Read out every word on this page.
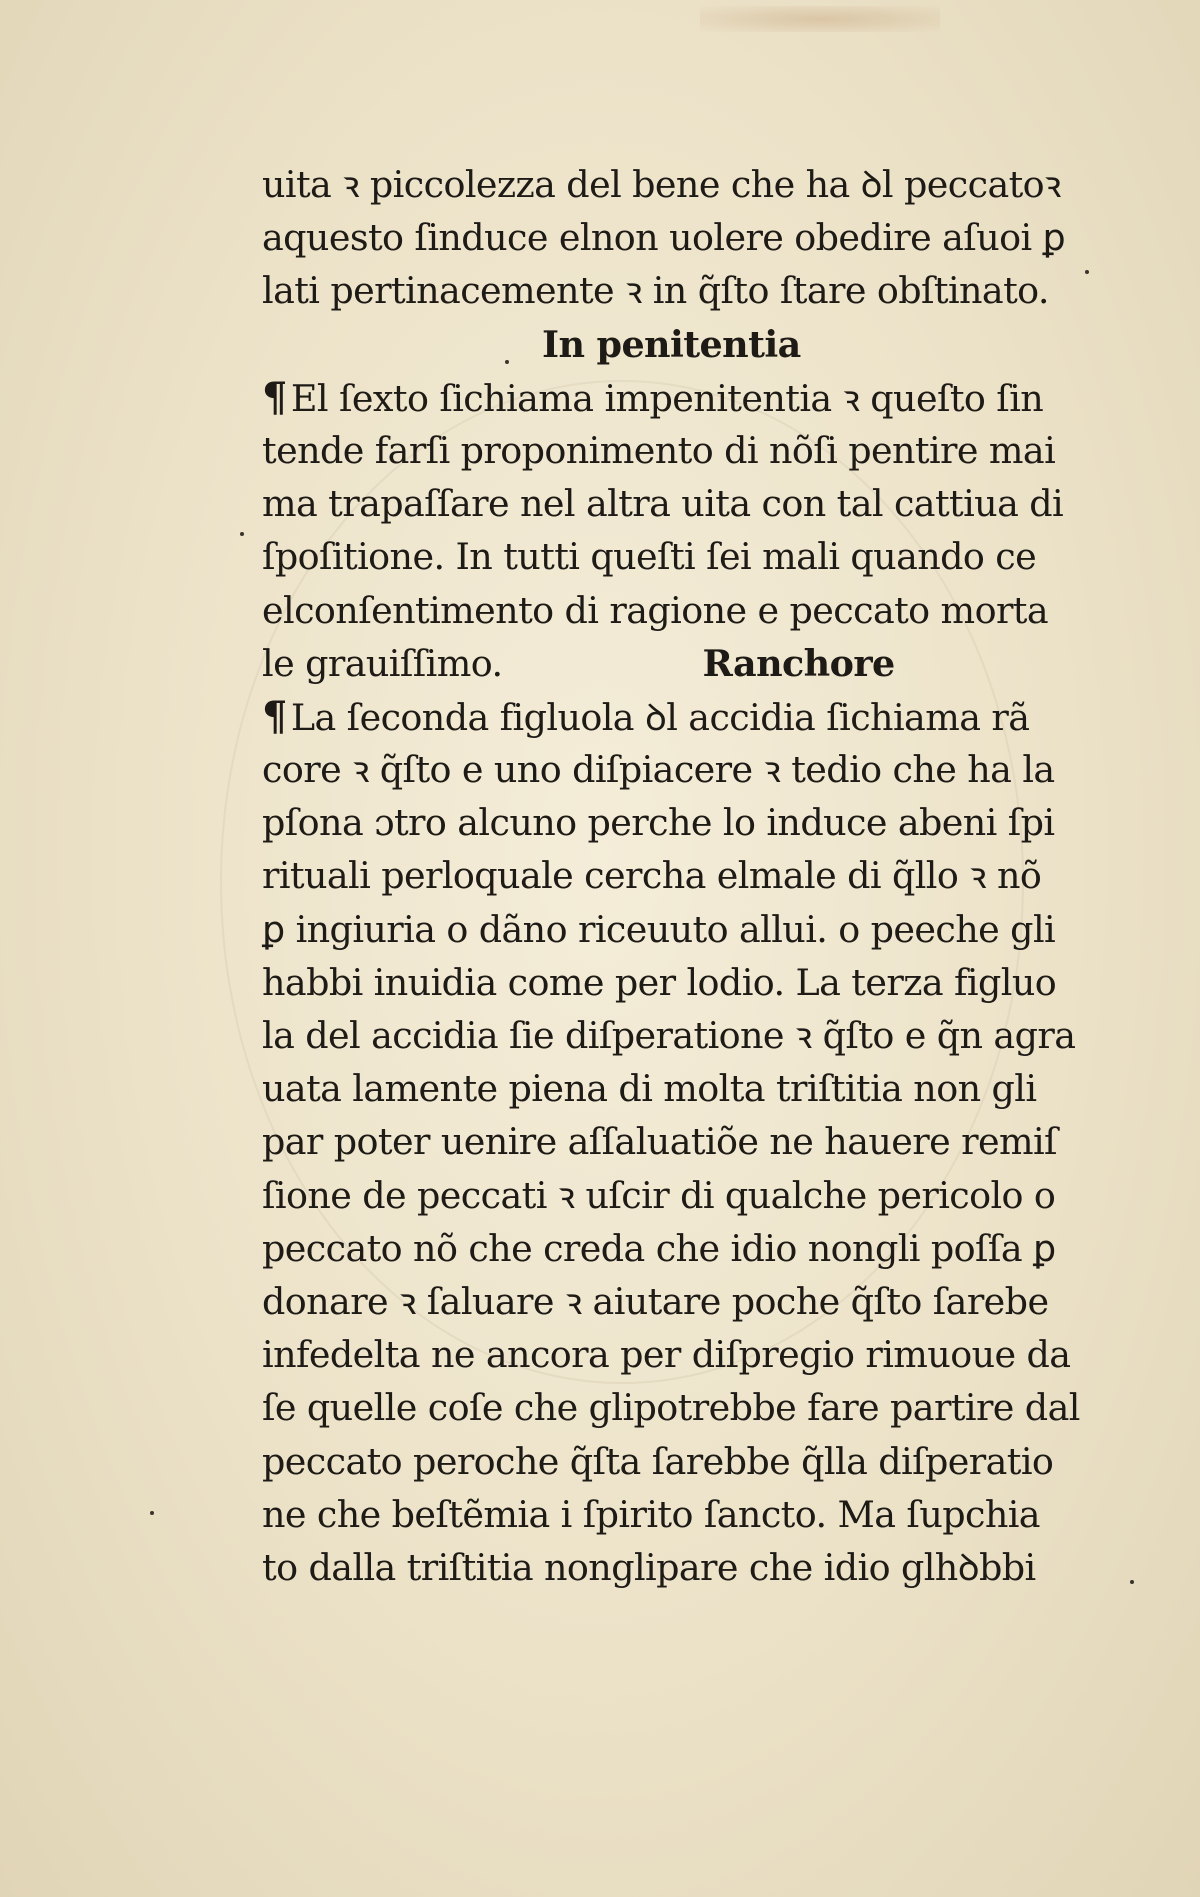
uita ꝛ piccolezza del bene che ha ꝺl peccatoꝛ
aquesto ſinduce elnon uolere obedire aſuoi ꝑ
lati pertinacemente ꝛ in q̃ſto ſtare obſtinato.
In penitentia
¶ El ſexto ſichiama impenitentia ꝛ queſto ſin
tende farſi proponimento di nõſi pentire mai
ma trapaſſare nel altra uita con tal cattiua di
ſpoſitione. In tutti queſti ſei mali quando ce
elconſentimento di ragione e peccato morta
le grauiſſimo.	Ranchore
¶ La ſeconda figluola ꝺl accidia ſichiama rã
core ꝛ q̃ſto e uno diſpiacere ꝛ tedio che ha la
pſona ɔtro alcuno perche lo induce abeni ſpi
rituali perloquale cercha elmale di q̃llo ꝛ nõ
ꝑ ingiuria o dãno riceuuto allui. o peeche gli
habbi inuidia come per lodio. La terza figluo
la del accidia ſie diſperatione ꝛ q̃ſto e q̃n agra
uata lamente piena di molta triſtitia non gli
par poter uenire aſſaluatiõe ne hauere remiſ
ſione de peccati ꝛ uſcir di qualche pericolo o
peccato nõ che creda che idio nongli poſſa ꝑ
donare ꝛ ſaluare ꝛ aiutare poche q̃ſto ſarebe
infedelta ne ancora per diſpregio rimuoue da
ſe quelle coſe che glipotrebbe fare partire dal
peccato peroche q̃ſta ſarebbe q̃lla diſperatio
ne che beſtẽmia i ſpirito ſancto. Ma ſupchia
to dalla triſtitia nonglipare che idio glhꝺbbi
